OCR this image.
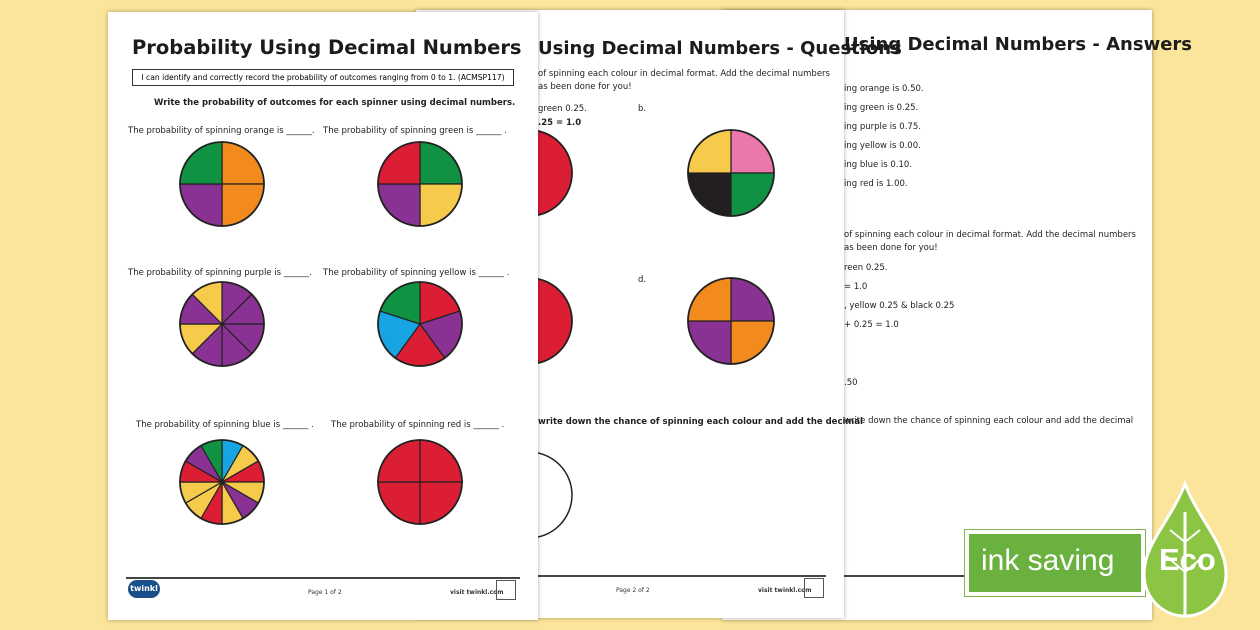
Using Decimal Numbers - Answers
ing orange is 0.50.
ing green is 0.25.
ing purple is 0.75.
ing yellow is 0.00.
ing blue is 0.10.
ing red is 1.00.
of spinning each colour in decimal format. Add the decimal numbers
as been done for you!
reen 0.25.
= 1.0
, yellow 0.25 & black 0.25
+ 0.25 = 1.0
.50
write down the chance of spinning each colour and add the decimal
Using Decimal Numbers - Questions
of spinning each colour in decimal format. Add the decimal numbers
as been done for you!
green 0.25.
.25 = 1.0
b.
d.
write down the chance of spinning each colour and add the decimal
Page 2 of 2	visit twinkl.com
Probability Using Decimal Numbers
I can identify and correctly record the probability of outcomes ranging from 0 to 1. (ACMSP117)
Write the probability of outcomes for each spinner using decimal numbers.
The probability of spinning orange is ______. The probability of spinning green is ______ .
The probability of spinning purple is ______. The probability of spinning yellow is ______ .
The probability of spinning blue is ______ . The probability of spinning red is ______ .
twinkl	Page 1 of 2	visit twinkl.com
ink saving Eco
